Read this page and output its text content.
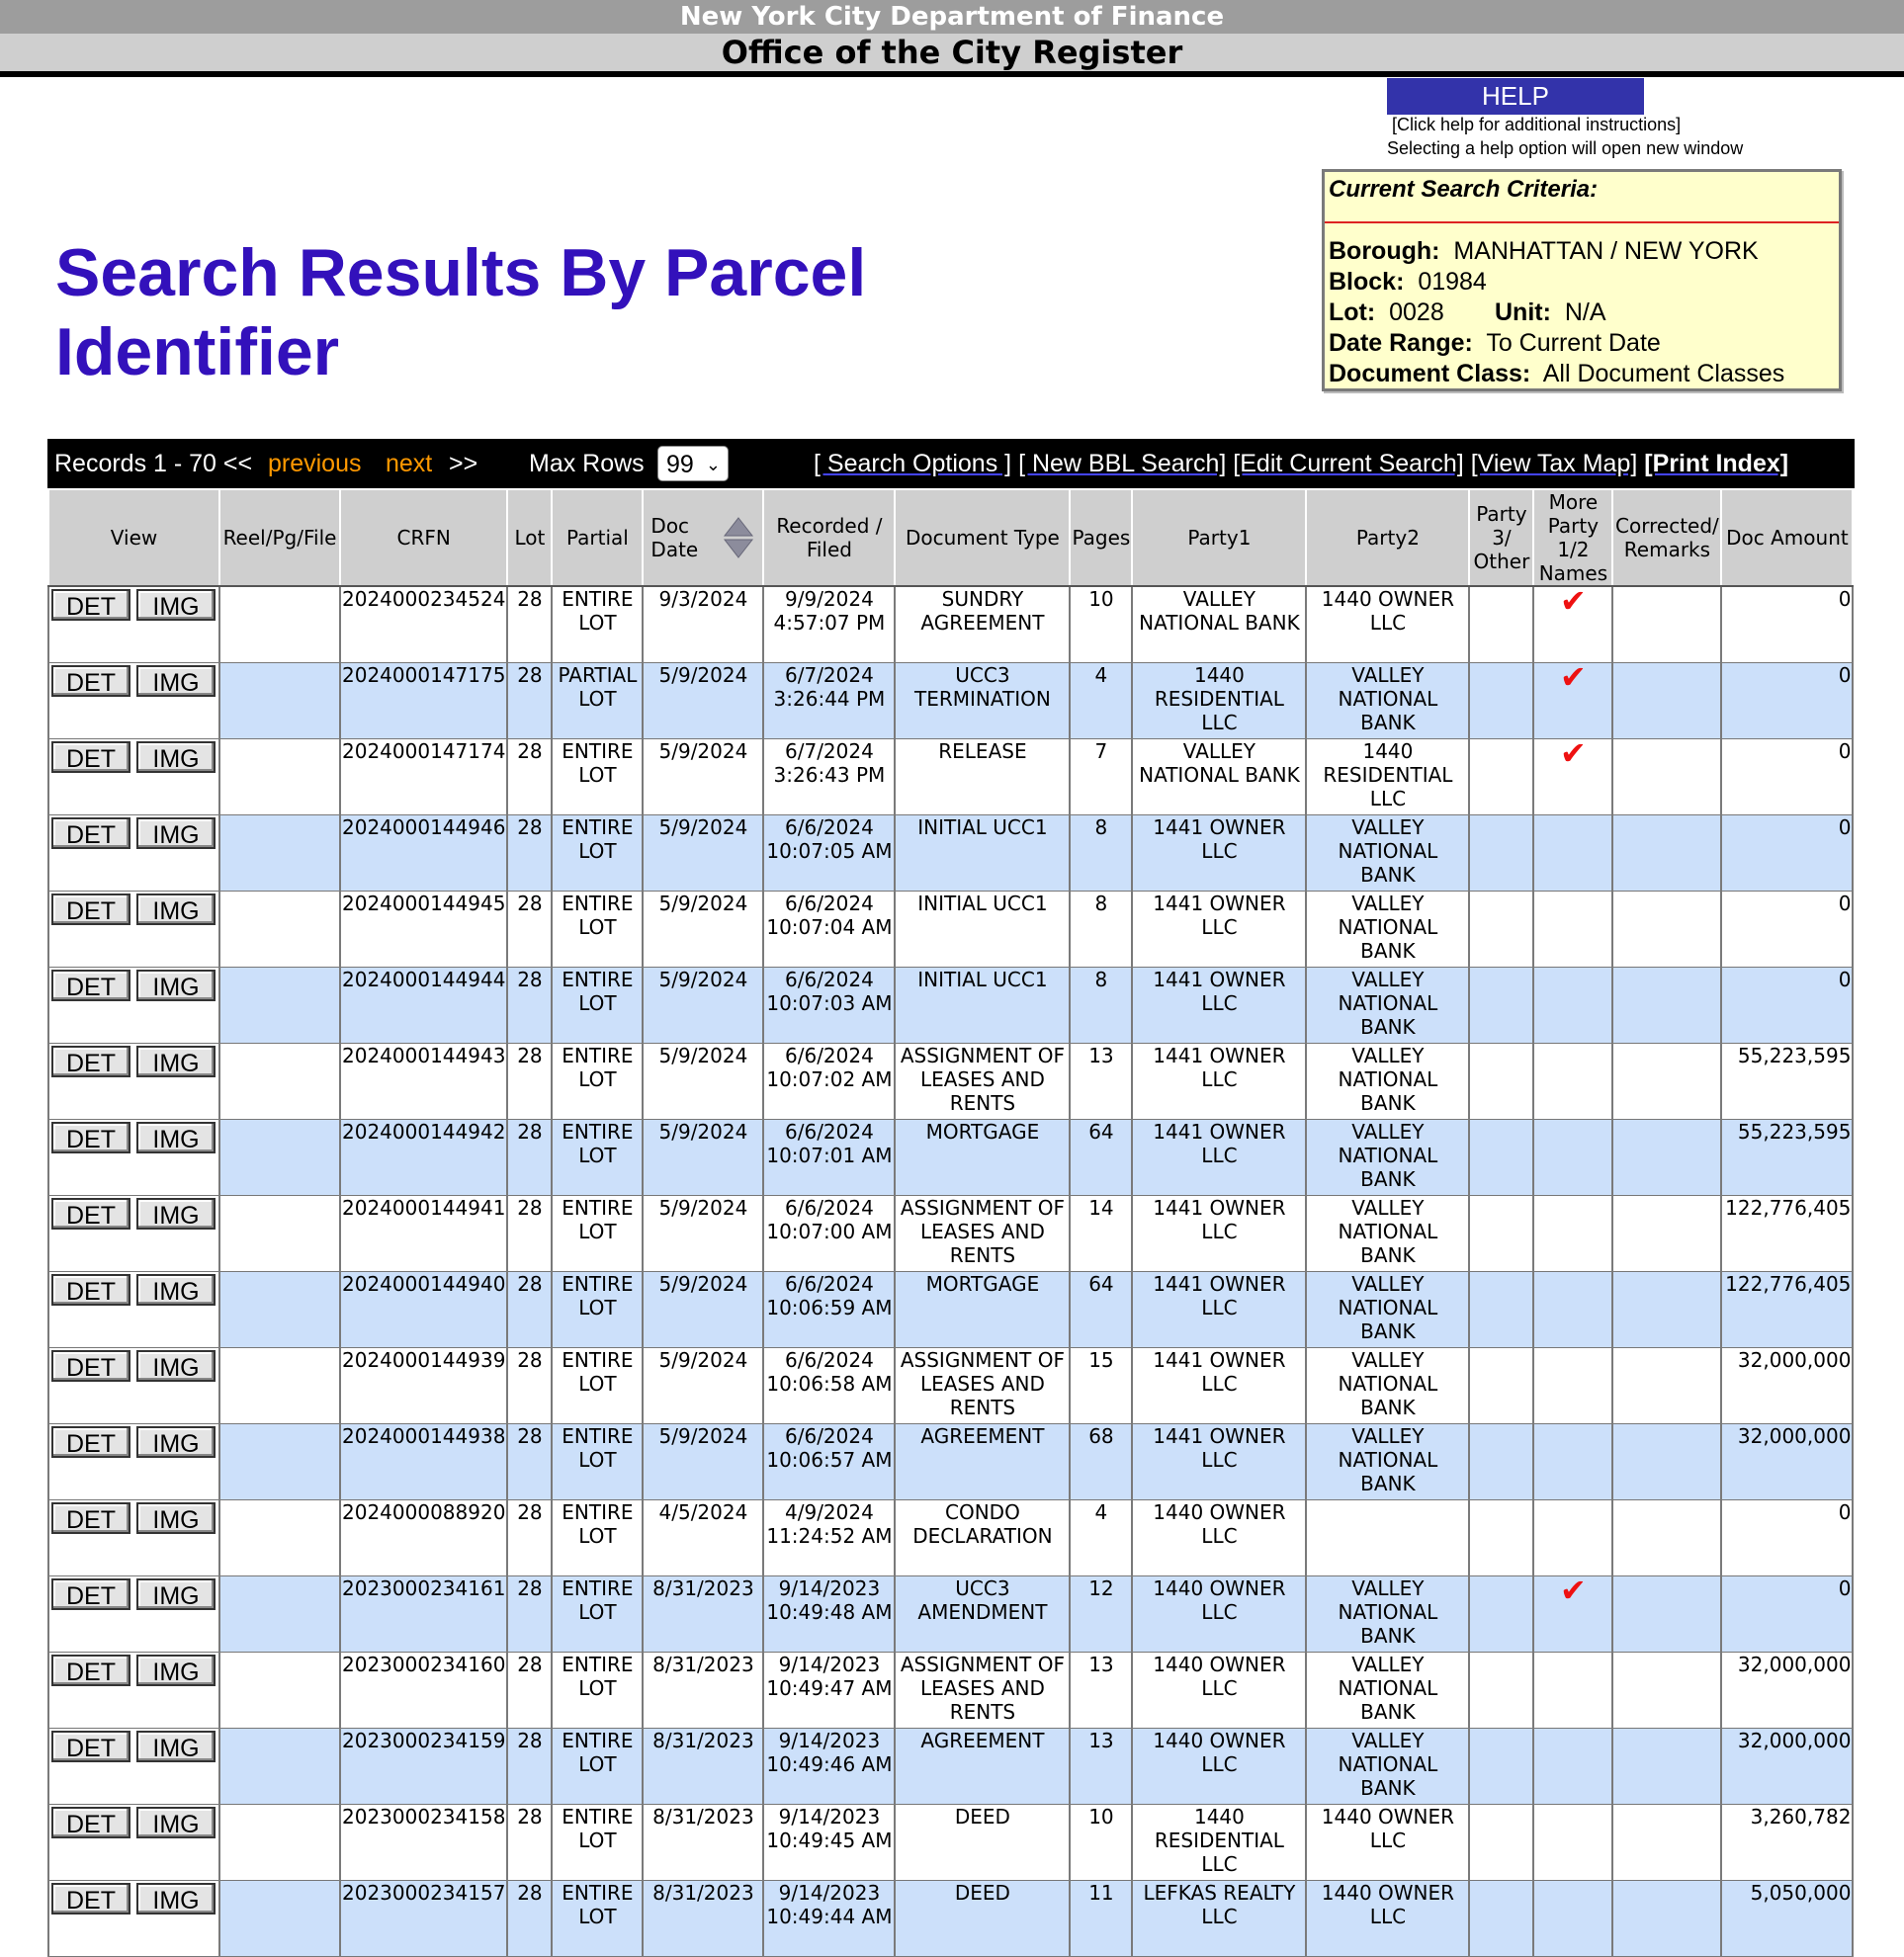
New York City Department of Finance
Office of the City Register
HELP
[Click help for additional instructions]
Selecting a help option will open new window
Current Search Criteria:
Borough: MANHATTAN / NEW YORK
Block: 01984
Lot: 0028 Unit: N/A
Date Range: To Current Date
Document Class: All Document Classes
Search Results By Parcel Identifier
Records 1 - 70 << previous next >> Max Rows 99 ⌄	[ Search Options ] [ New BBL Search] [Edit Current Search] [View Tax Map] [Print Index]
View	Reel/Pg/File	CRFN	Lot	Partial	Doc Date	Recorded / Filed	Document Type	Pages	Party1	Party2	Party 3/ Other	More Party 1/2 Names	Corrected/ Remarks	Doc Amount
DET IMG		2024000234524	28	ENTIRE LOT	9/3/2024	9/9/2024 4:57:07 PM	SUNDRY AGREEMENT	10	VALLEY NATIONAL BANK	1440 OWNER LLC		✔		0
DET IMG		2024000147175	28	PARTIAL LOT	5/9/2024	6/7/2024 3:26:44 PM	UCC3 TERMINATION	4	1440 RESIDENTIAL LLC	VALLEY NATIONAL BANK		✔		0
DET IMG		2024000147174	28	ENTIRE LOT	5/9/2024	6/7/2024 3:26:43 PM	RELEASE	7	VALLEY NATIONAL BANK	1440 RESIDENTIAL LLC		✔		0
DET IMG		2024000144946	28	ENTIRE LOT	5/9/2024	6/6/2024 10:07:05 AM	INITIAL UCC1	8	1441 OWNER LLC	VALLEY NATIONAL BANK				0
DET IMG		2024000144945	28	ENTIRE LOT	5/9/2024	6/6/2024 10:07:04 AM	INITIAL UCC1	8	1441 OWNER LLC	VALLEY NATIONAL BANK				0
DET IMG		2024000144944	28	ENTIRE LOT	5/9/2024	6/6/2024 10:07:03 AM	INITIAL UCC1	8	1441 OWNER LLC	VALLEY NATIONAL BANK				0
DET IMG		2024000144943	28	ENTIRE LOT	5/9/2024	6/6/2024 10:07:02 AM	ASSIGNMENT OF LEASES AND RENTS	13	1441 OWNER LLC	VALLEY NATIONAL BANK				55,223,595
DET IMG		2024000144942	28	ENTIRE LOT	5/9/2024	6/6/2024 10:07:01 AM	MORTGAGE	64	1441 OWNER LLC	VALLEY NATIONAL BANK				55,223,595
DET IMG		2024000144941	28	ENTIRE LOT	5/9/2024	6/6/2024 10:07:00 AM	ASSIGNMENT OF LEASES AND RENTS	14	1441 OWNER LLC	VALLEY NATIONAL BANK				122,776,405
DET IMG		2024000144940	28	ENTIRE LOT	5/9/2024	6/6/2024 10:06:59 AM	MORTGAGE	64	1441 OWNER LLC	VALLEY NATIONAL BANK				122,776,405
DET IMG		2024000144939	28	ENTIRE LOT	5/9/2024	6/6/2024 10:06:58 AM	ASSIGNMENT OF LEASES AND RENTS	15	1441 OWNER LLC	VALLEY NATIONAL BANK				32,000,000
DET IMG		2024000144938	28	ENTIRE LOT	5/9/2024	6/6/2024 10:06:57 AM	AGREEMENT	68	1441 OWNER LLC	VALLEY NATIONAL BANK				32,000,000
DET IMG		2024000088920	28	ENTIRE LOT	4/5/2024	4/9/2024 11:24:52 AM	CONDO DECLARATION	4	1440 OWNER LLC					0
DET IMG		2023000234161	28	ENTIRE LOT	8/31/2023	9/14/2023 10:49:48 AM	UCC3 AMENDMENT	12	1440 OWNER LLC	VALLEY NATIONAL BANK		✔		0
DET IMG		2023000234160	28	ENTIRE LOT	8/31/2023	9/14/2023 10:49:47 AM	ASSIGNMENT OF LEASES AND RENTS	13	1440 OWNER LLC	VALLEY NATIONAL BANK				32,000,000
DET IMG		2023000234159	28	ENTIRE LOT	8/31/2023	9/14/2023 10:49:46 AM	AGREEMENT	13	1440 OWNER LLC	VALLEY NATIONAL BANK				32,000,000
DET IMG		2023000234158	28	ENTIRE LOT	8/31/2023	9/14/2023 10:49:45 AM	DEED	10	1440 RESIDENTIAL LLC	1440 OWNER LLC				3,260,782
DET IMG		2023000234157	28	ENTIRE LOT	8/31/2023	9/14/2023 10:49:44 AM	DEED	11	LEFKAS REALTY LLC	1440 OWNER LLC				5,050,000
